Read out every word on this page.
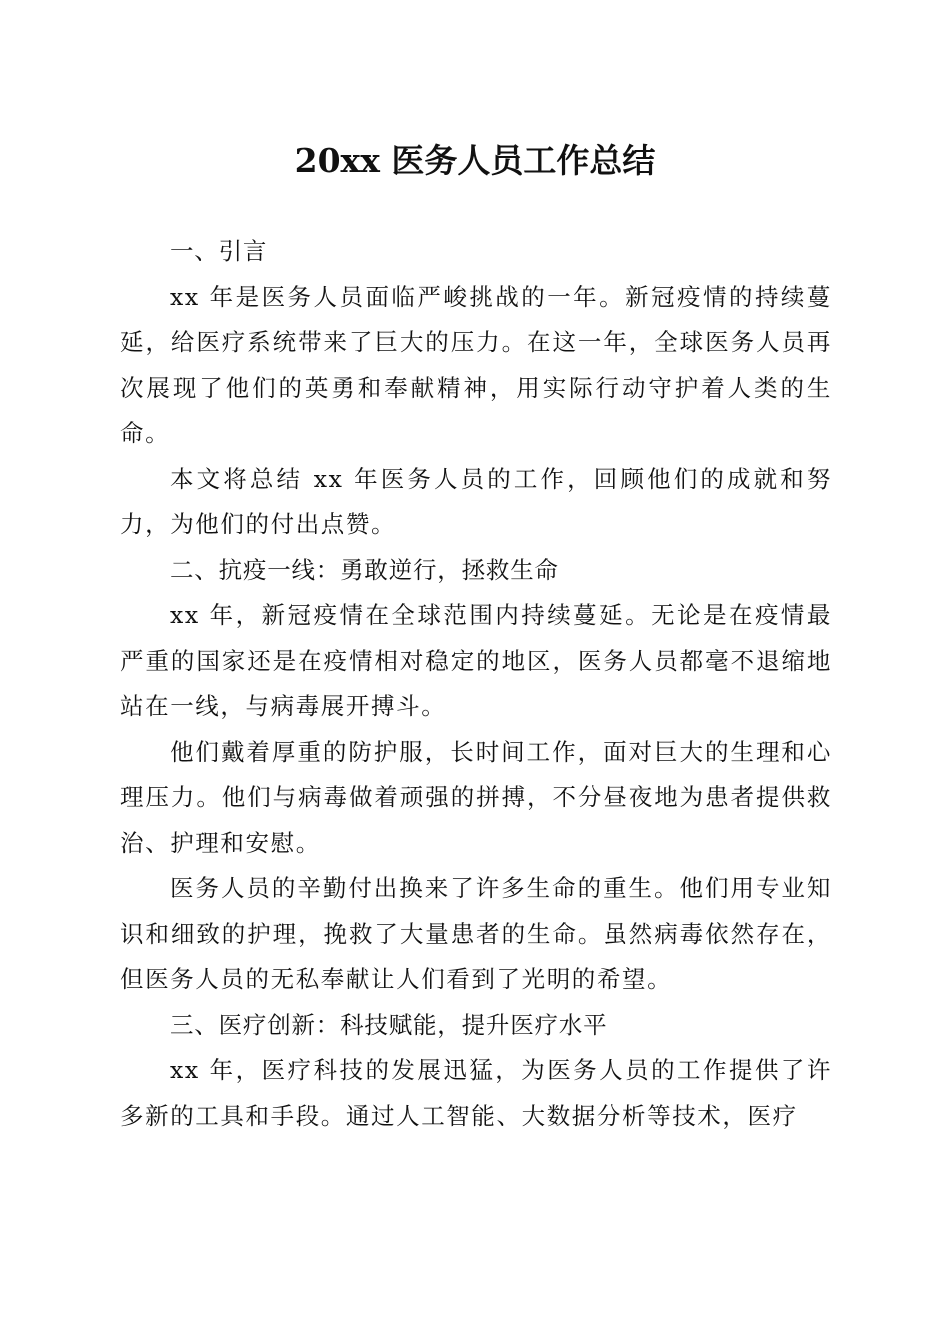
20xx 医务人员工作总结
一、引言

xx 年是医务人员面临严峻挑战的一年。新冠疫情的持续蔓延，给医疗系统带来了巨大的压力。在这一年，全球医务人员再次展现了他们的英勇和奉献精神，用实际行动守护着人类的生命。

本文将总结 xx 年医务人员的工作，回顾他们的成就和努力，为他们的付出点赞。

二、抗疫一线：勇敢逆行，拯救生命

xx 年，新冠疫情在全球范围内持续蔓延。无论是在疫情最严重的国家还是在疫情相对稳定的地区，医务人员都毫不退缩地站在一线，与病毒展开搏斗。

他们戴着厚重的防护服，长时间工作，面对巨大的生理和心理压力。他们与病毒做着顽强的拼搏，不分昼夜地为患者提供救治、护理和安慰。

医务人员的辛勤付出换来了许多生命的重生。他们用专业知识和细致的护理，挽救了大量患者的生命。虽然病毒依然存在，但医务人员的无私奉献让人们看到了光明的希望。

三、医疗创新：科技赋能，提升医疗水平

xx 年，医疗科技的发展迅猛，为医务人员的工作提供了许多新的工具和手段。通过人工智能、大数据分析等技术，医疗
